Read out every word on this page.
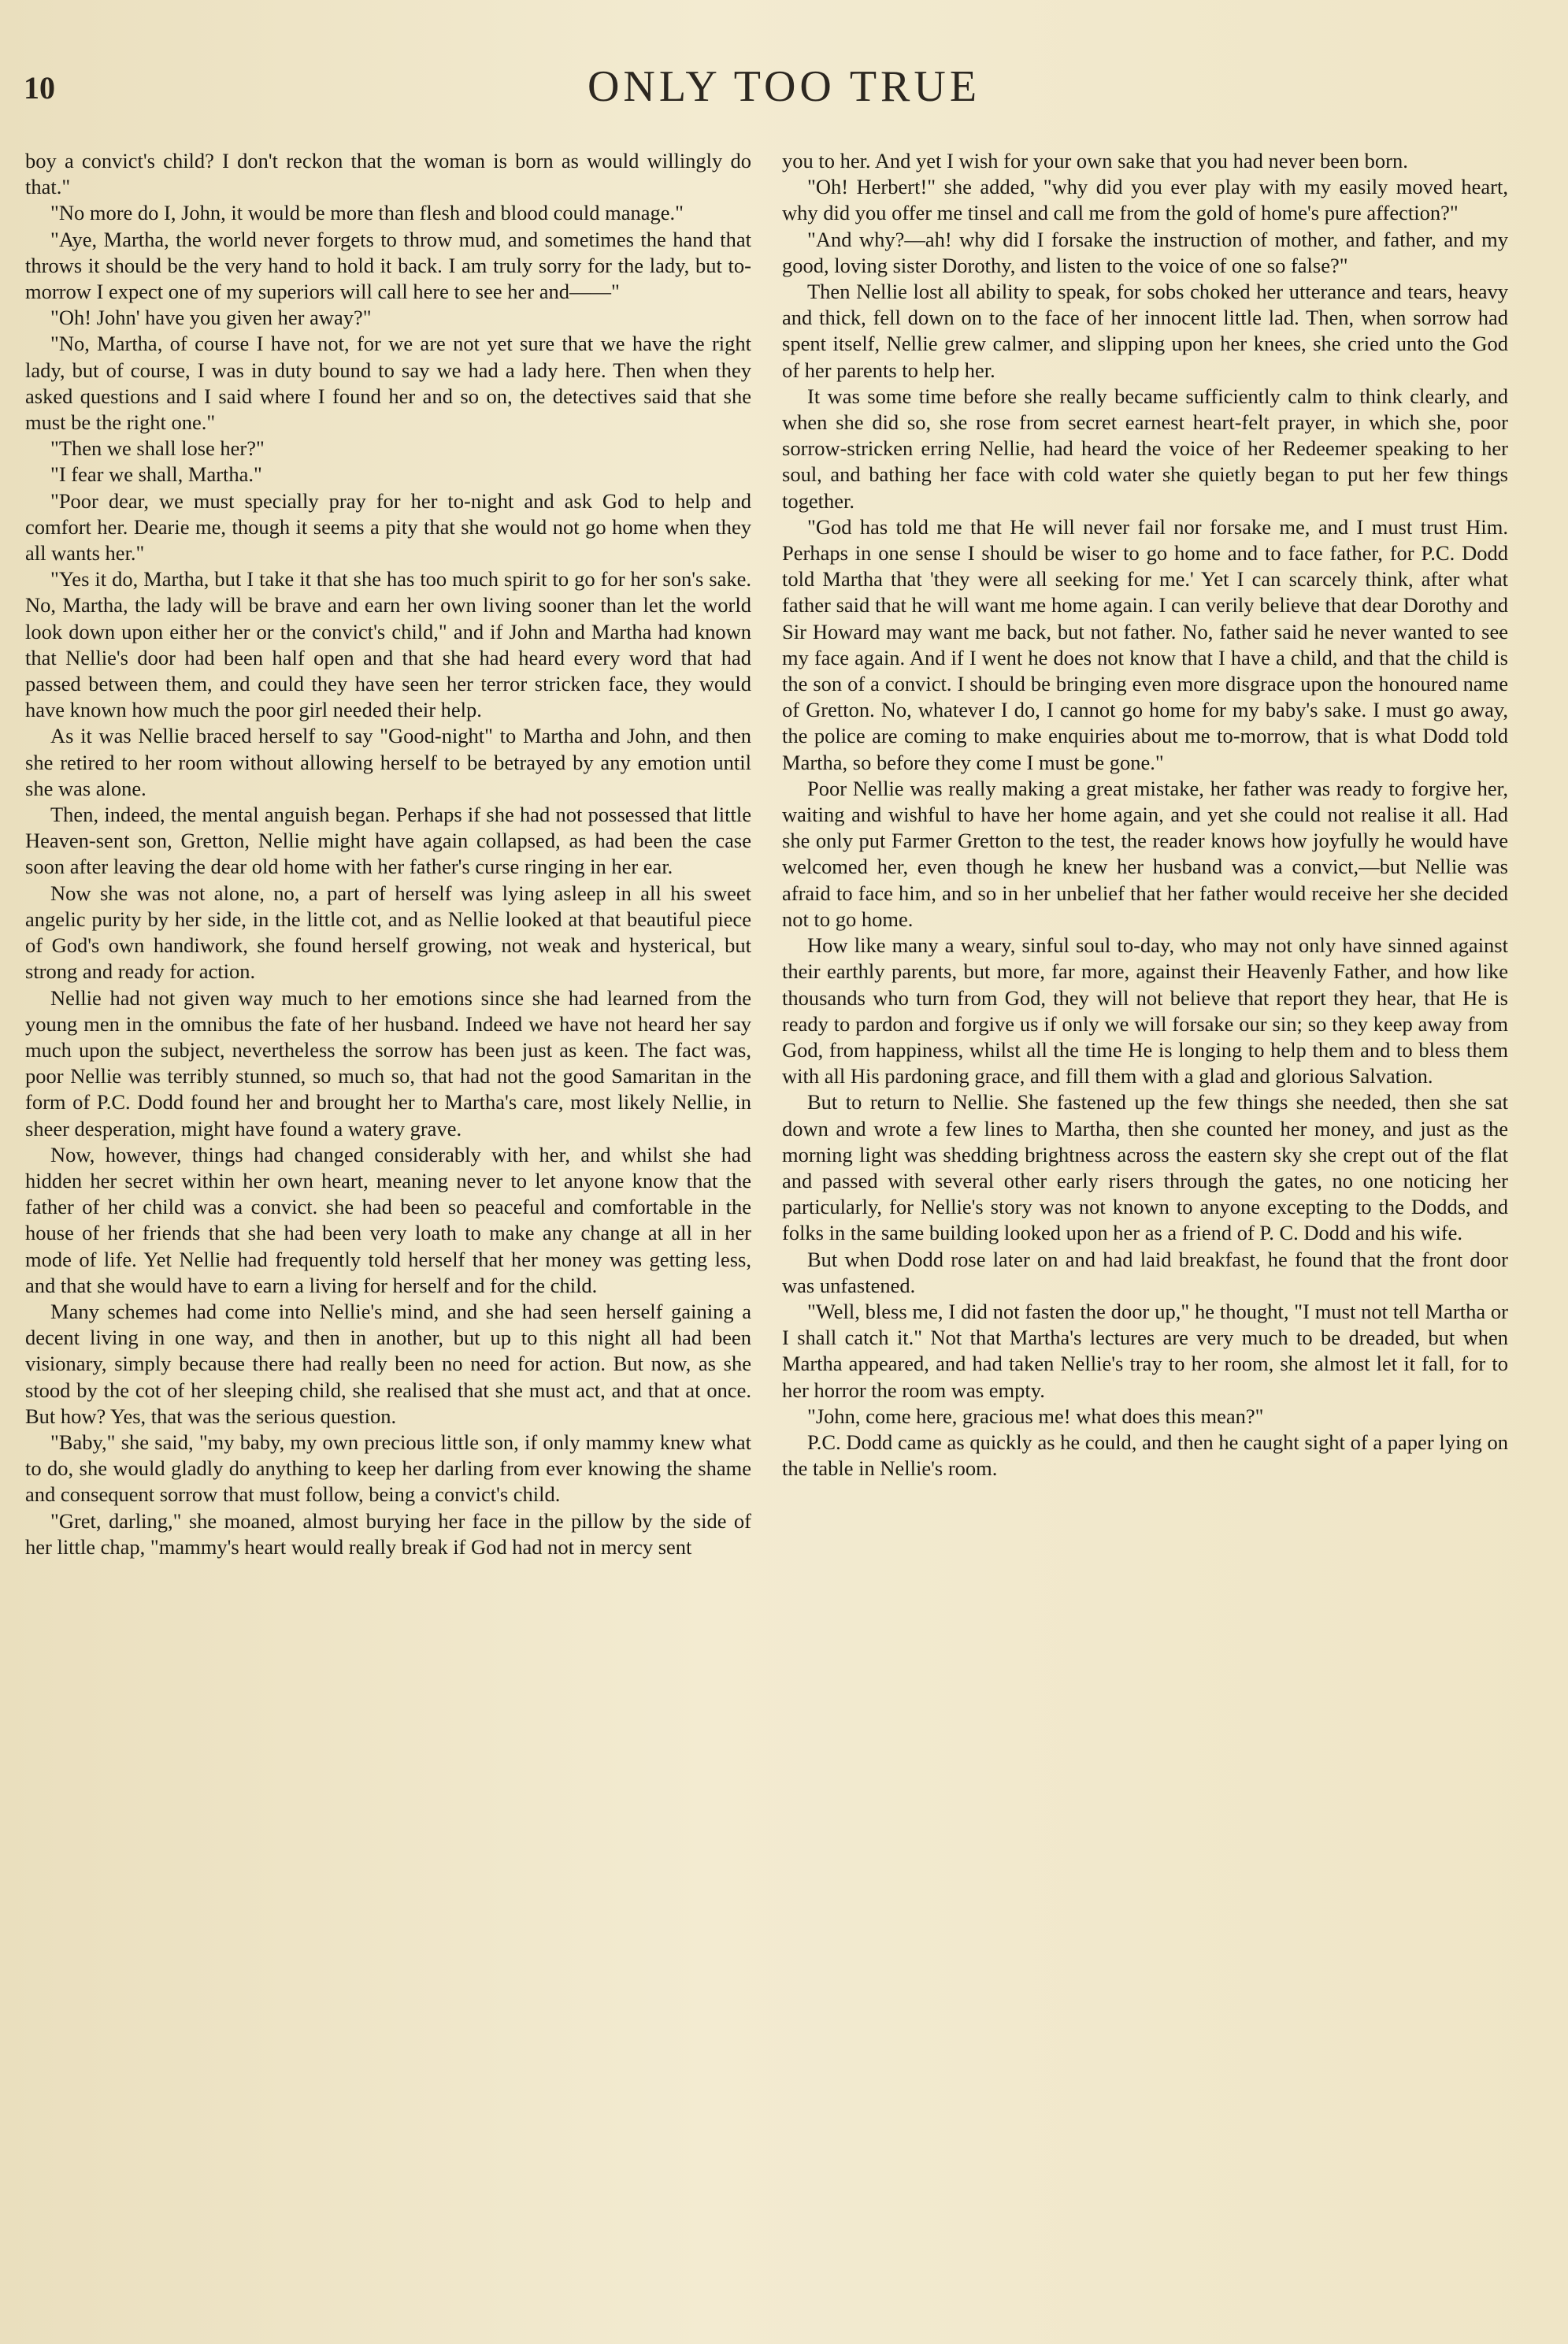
10	ONLY TOO TRUE

boy a convict's child? I don't reckon that the woman is born as would willingly do that."

"No more do I, John, it would be more than flesh and blood could manage."

"Aye, Martha, the world never forgets to throw mud, and sometimes the hand that throws it should be the very hand to hold it back. I am truly sorry for the lady, but to-morrow I expect one of my superiors will call here to see her and——"

"Oh! John' have you given her away?"

"No, Martha, of course I have not, for we are not yet sure that we have the right lady, but of course, I was in duty bound to say we had a lady here. Then when they asked questions and I said where I found her and so on, the detectives said that she must be the right one."

"Then we shall lose her?"

"I fear we shall, Martha."

"Poor dear, we must specially pray for her to-night and ask God to help and comfort her. Dearie me, though it seems a pity that she would not go home when they all wants her."

"Yes it do, Martha, but I take it that she has too much spirit to go for her son's sake. No, Martha, the lady will be brave and earn her own living sooner than let the world look down upon either her or the convict's child," and if John and Martha had known that Nellie's door had been half open and that she had heard every word that had passed between them, and could they have seen her terror stricken face, they would have known how much the poor girl needed their help.

As it was Nellie braced herself to say "Good-night" to Martha and John, and then she retired to her room without allowing herself to be betrayed by any emotion until she was alone.

Then, indeed, the mental anguish began. Perhaps if she had not possessed that little Heaven-sent son, Gretton, Nellie might have again collapsed, as had been the case soon after leaving the dear old home with her father's curse ringing in her ear.

Now she was not alone, no, a part of herself was lying asleep in all his sweet angelic purity by her side, in the little cot, and as Nellie looked at that beautiful piece of God's own handiwork, she found herself growing, not weak and hysterical, but strong and ready for action.

Nellie had not given way much to her emotions since she had learned from the young men in the omnibus the fate of her husband. Indeed we have not heard her say much upon the subject, nevertheless the sorrow has been just as keen. The fact was, poor Nellie was terribly stunned, so much so, that had not the good Samaritan in the form of P.C. Dodd found her and brought her to Martha's care, most likely Nellie, in sheer desperation, might have found a watery grave.

Now, however, things had changed considerably with her, and whilst she had hidden her secret within her own heart, meaning never to let anyone know that the father of her child was a convict. she had been so peaceful and comfortable in the house of her friends that she had been very loath to make any change at all in her mode of life. Yet Nellie had frequently told herself that her money was getting less, and that she would have to earn a living for herself and for the child.

Many schemes had come into Nellie's mind, and she had seen herself gaining a decent living in one way, and then in another, but up to this night all had been visionary, simply because there had really been no need for action. But now, as she stood by the cot of her sleeping child, she realised that she must act, and that at once. But how? Yes, that was the serious question.

"Baby," she said, "my baby, my own precious little son, if only mammy knew what to do, she would gladly do anything to keep her darling from ever knowing the shame and consequent sorrow that must follow, being a convict's child.

"Gret, darling," she moaned, almost burying her face in the pillow by the side of her little chap, "mammy's heart would really break if God had not in mercy sent

you to her. And yet I wish for your own sake that you had never been born.

"Oh! Herbert!" she added, "why did you ever play with my easily moved heart, why did you offer me tinsel and call me from the gold of home's pure affection?"

"And why?—ah! why did I forsake the instruction of mother, and father, and my good, loving sister Dorothy, and listen to the voice of one so false?"

Then Nellie lost all ability to speak, for sobs choked her utterance and tears, heavy and thick, fell down on to the face of her innocent little lad. Then, when sorrow had spent itself, Nellie grew calmer, and slipping upon her knees, she cried unto the God of her parents to help her.

It was some time before she really became sufficiently calm to think clearly, and when she did so, she rose from secret earnest heart-felt prayer, in which she, poor sorrow-stricken erring Nellie, had heard the voice of her Redeemer speaking to her soul, and bathing her face with cold water she quietly began to put her few things together.

"God has told me that He will never fail nor forsake me, and I must trust Him. Perhaps in one sense I should be wiser to go home and to face father, for P.C. Dodd told Martha that 'they were all seeking for me.' Yet I can scarcely think, after what father said that he will want me home again. I can verily believe that dear Dorothy and Sir Howard may want me back, but not father. No, father said he never wanted to see my face again. And if I went he does not know that I have a child, and that the child is the son of a convict. I should be bringing even more disgrace upon the honoured name of Gretton. No, whatever I do, I cannot go home for my baby's sake. I must go away, the police are coming to make enquiries about me to-morrow, that is what Dodd told Martha, so before they come I must be gone."

Poor Nellie was really making a great mistake, her father was ready to forgive her, waiting and wishful to have her home again, and yet she could not realise it all. Had she only put Farmer Gretton to the test, the reader knows how joyfully he would have welcomed her, even though he knew her husband was a convict,—but Nellie was afraid to face him, and so in her unbelief that her father would receive her she decided not to go home.

How like many a weary, sinful soul to-day, who may not only have sinned against their earthly parents, but more, far more, against their Heavenly Father, and how like thousands who turn from God, they will not believe that report they hear, that He is ready to pardon and forgive us if only we will forsake our sin; so they keep away from God, from happiness, whilst all the time He is longing to help them and to bless them with all His pardoning grace, and fill them with a glad and glorious Salvation.

But to return to Nellie. She fastened up the few things she needed, then she sat down and wrote a few lines to Martha, then she counted her money, and just as the morning light was shedding brightness across the eastern sky she crept out of the flat and passed with several other early risers through the gates, no one noticing her particularly, for Nellie's story was not known to anyone excepting to the Dodds, and folks in the same building looked upon her as a friend of P. C. Dodd and his wife.

But when Dodd rose later on and had laid breakfast, he found that the front door was unfastened.

"Well, bless me, I did not fasten the door up," he thought, "I must not tell Martha or I shall catch it." Not that Martha's lectures are very much to be dreaded, but when Martha appeared, and had taken Nellie's tray to her room, she almost let it fall, for to her horror the room was empty.

"John, come here, gracious me! what does this mean?"

P.C. Dodd came as quickly as he could, and then he caught sight of a paper lying on the table in Nellie's room.
